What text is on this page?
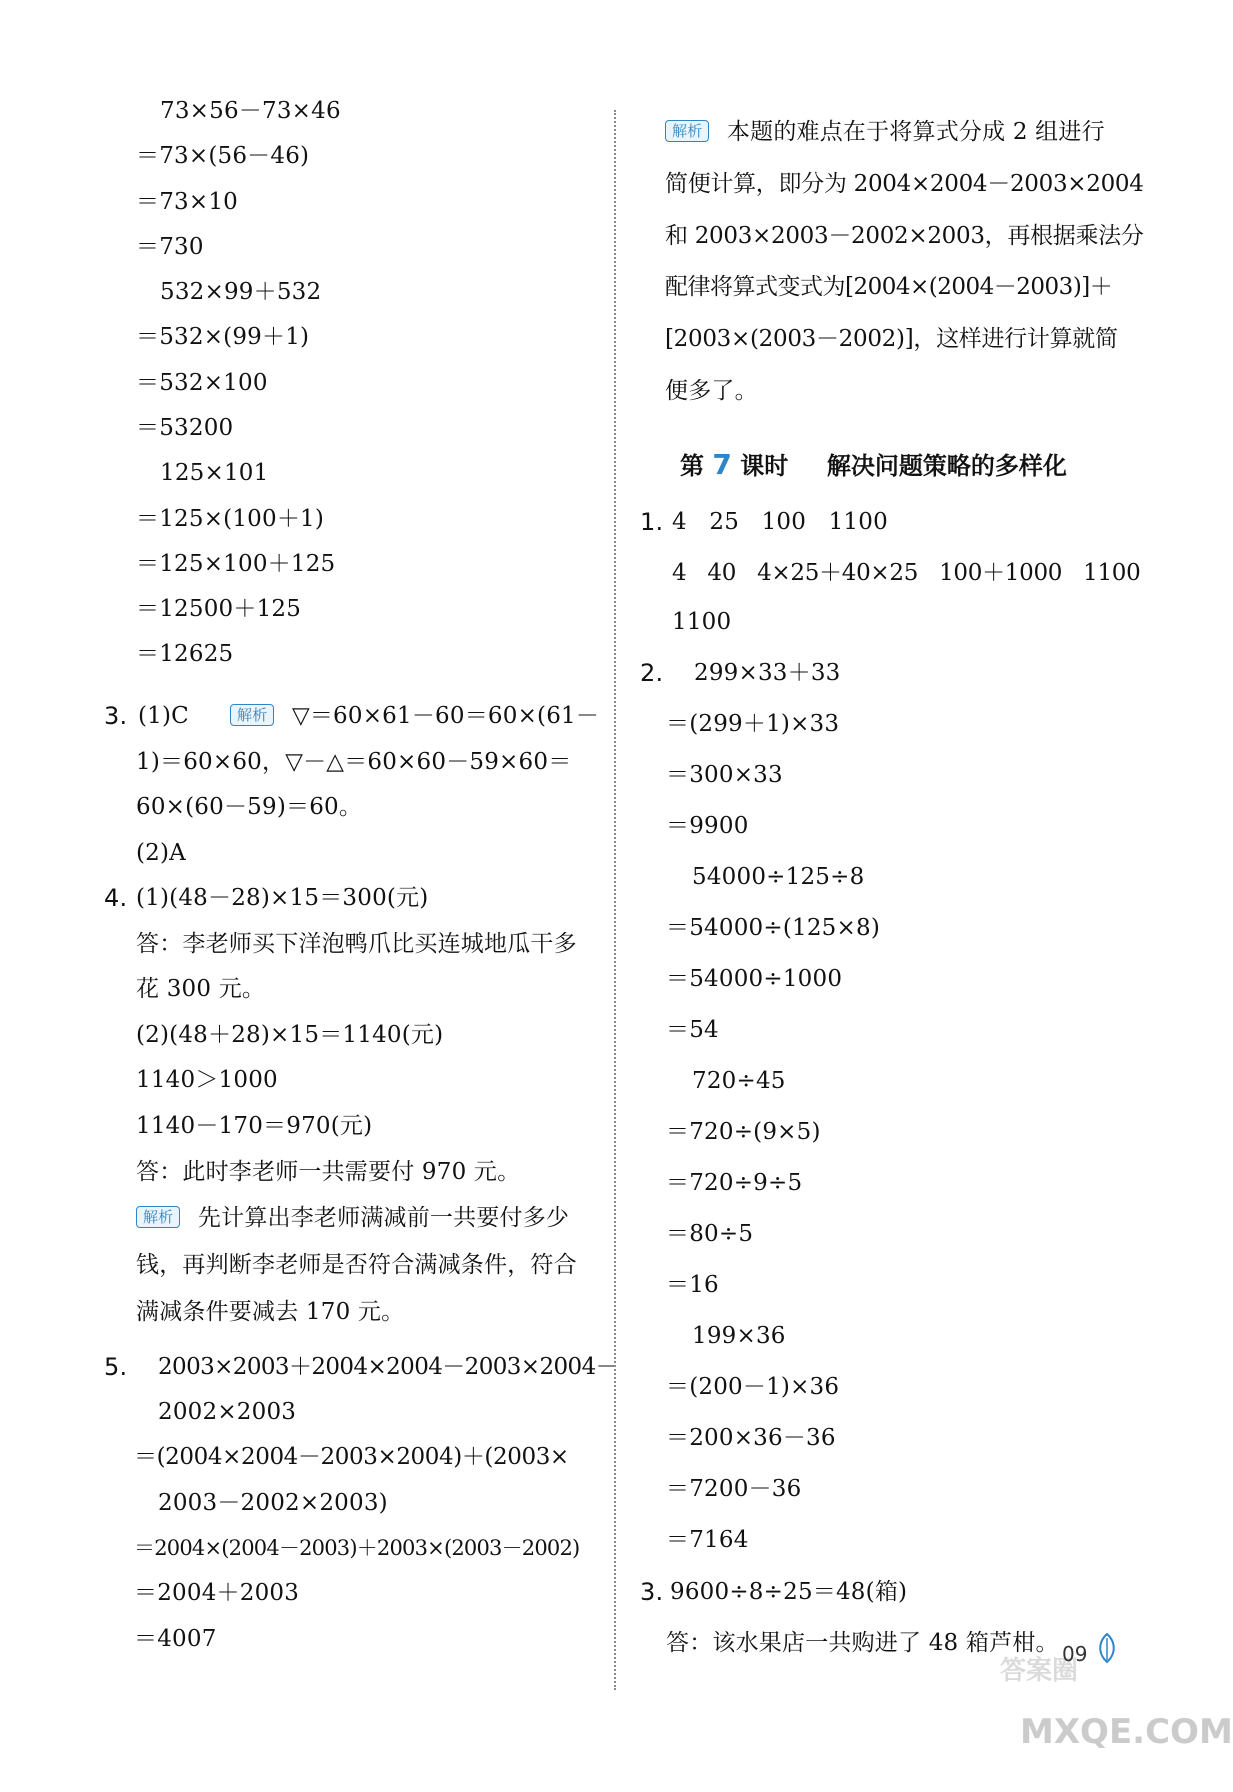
73×56－73×46
＝73×(56－46)
＝73×10
＝730
532×99＋532
＝532×(99＋1)
＝532×100
＝53200
125×101
＝125×(100＋1)
＝125×100＋125
＝12500＋125
＝12625
3. (1)C	解析 ▽＝60×61－60＝60×(61－
1)＝60×60，▽－△＝60×60－59×60＝
60×(60－59)＝60。
(2)A
4. (1)(48－28)×15＝300(元)
答：李老师买下洋泡鸭爪比买连城地瓜干多
花 300 元。
(2)(48＋28)×15＝1140(元)
1140＞1000
1140－170＝970(元)
答：此时李老师一共需要付 970 元。
解析 先计算出李老师满减前一共要付多少
钱，再判断李老师是否符合满减条件，符合
满减条件要减去 170 元。
5. 2003×2003＋2004×2004－2003×2004－
2002×2003
＝(2004×2004－2003×2004)＋(2003×
2003－2002×2003)
＝2004×(2004－2003)＋2003×(2003－2002)
＝2004＋2003
＝4007
解析 本题的难点在于将算式分成 2 组进行
简便计算，即分为 2004×2004－2003×2004
和 2003×2003－2002×2003，再根据乘法分
配律将算式变式为[2004×(2004－2003)]＋
[2003×(2003－2002)]，这样进行计算就简
便多了。
第 7 课时 解决问题策略的多样化
1. 4   25   100   1100
4   40   4×25＋40×25   100＋1000   1100
1100
2. 299×33＋33
＝(299＋1)×33
＝300×33
＝9900
54000÷125÷8
＝54000÷(125×8)
＝54000÷1000
＝54
720÷45
＝720÷(9×5)
＝720÷9÷5
＝80÷5
＝16
199×36
＝(200－1)×36
＝200×36－36
＝7200－36
＝7164
3. 9600÷8÷25＝48(箱)
答：该水果店一共购进了 48 箱芦柑。
答案圈
09
MXQE.COM
